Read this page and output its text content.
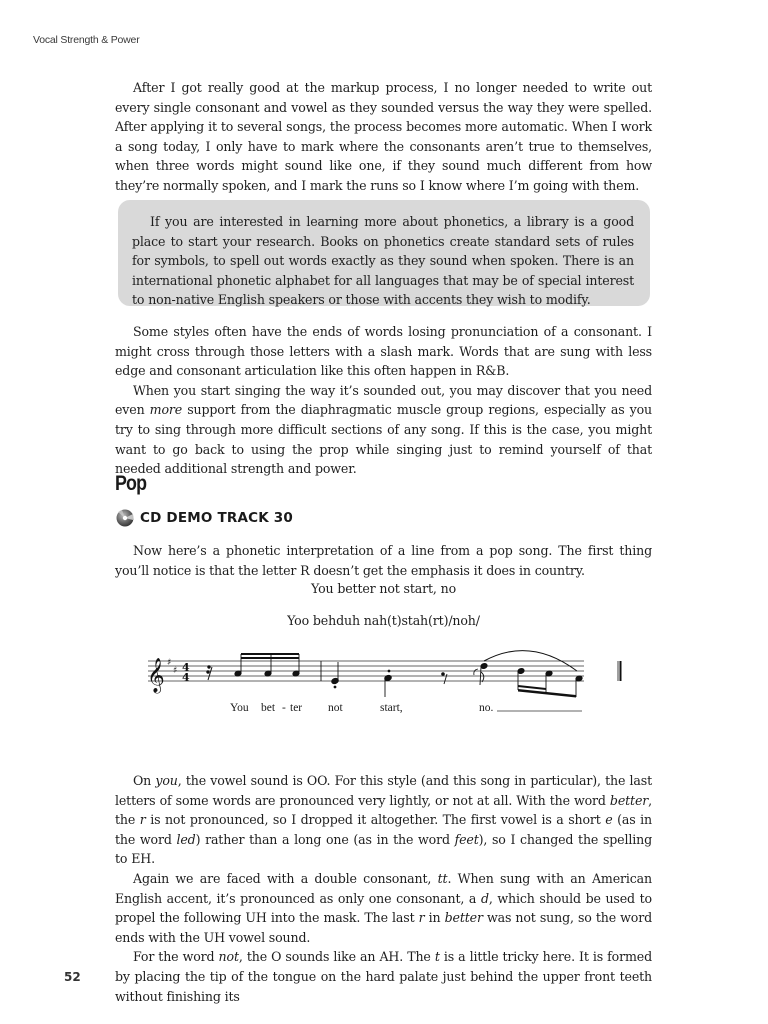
Vocal Strength & Power

After I got really good at the markup process, I no longer needed to write out every single consonant and vowel as they sounded versus the way they were spelled. After applying it to several songs, the process becomes more automatic. When I work a song today, I only have to mark where the consonants aren’t true to themselves, when three words might sound like one, if they sound much different from how they’re normally spoken, and I mark the runs so I know where I’m going with them.

If you are interested in learning more about phonetics, a library is a good place to start your research. Books on phonetics create standard sets of rules for symbols, to spell out words exactly as they sound when spoken. There is an international phonetic alphabet for all languages that may be of special interest to non-native English speakers or those with accents they wish to modify.

Some styles often have the ends of words losing pronunciation of a consonant. I might cross through those letters with a slash mark. Words that are sung with less edge and consonant articulation like this often happen in R&B.

When you start singing the way it’s sounded out, you may discover that you need even more support from the diaphragmatic muscle group regions, especially as you try to sing through more difficult sections of any song. If this is the case, you might want to go back to using the prop while singing just to remind yourself of that needed additional strength and power.

Pop
CD DEMO TRACK 30

Now here’s a phonetic interpretation of a line from a pop song. The first thing you’ll notice is that the letter R doesn’t get the emphasis it does in country.

You better not start, no
Yoo behduh nah(t)stah(rt)/noh/
𝄞 ♯
♯ 4
4
You bet - ter not	start,	no.

On you, the vowel sound is OO. For this style (and this song in particular), the last letters of some words are pronounced very lightly, or not at all. With the word better, the r is not pronounced, so I dropped it altogether. The first vowel is a short e (as in the word led) rather than a long one (as in the word feet), so I changed the spelling to EH.

Again we are faced with a double consonant, tt. When sung with an American English accent, it’s pronounced as only one consonant, a d, which should be used to propel the following UH into the mask. The last r in better was not sung, so the word ends with the UH vowel sound.

For the word not, the O sounds like an AH. The t is a little tricky here. It is formed by placing the tip of the tongue on the hard palate just behind the upper front teeth without finishing its

52
